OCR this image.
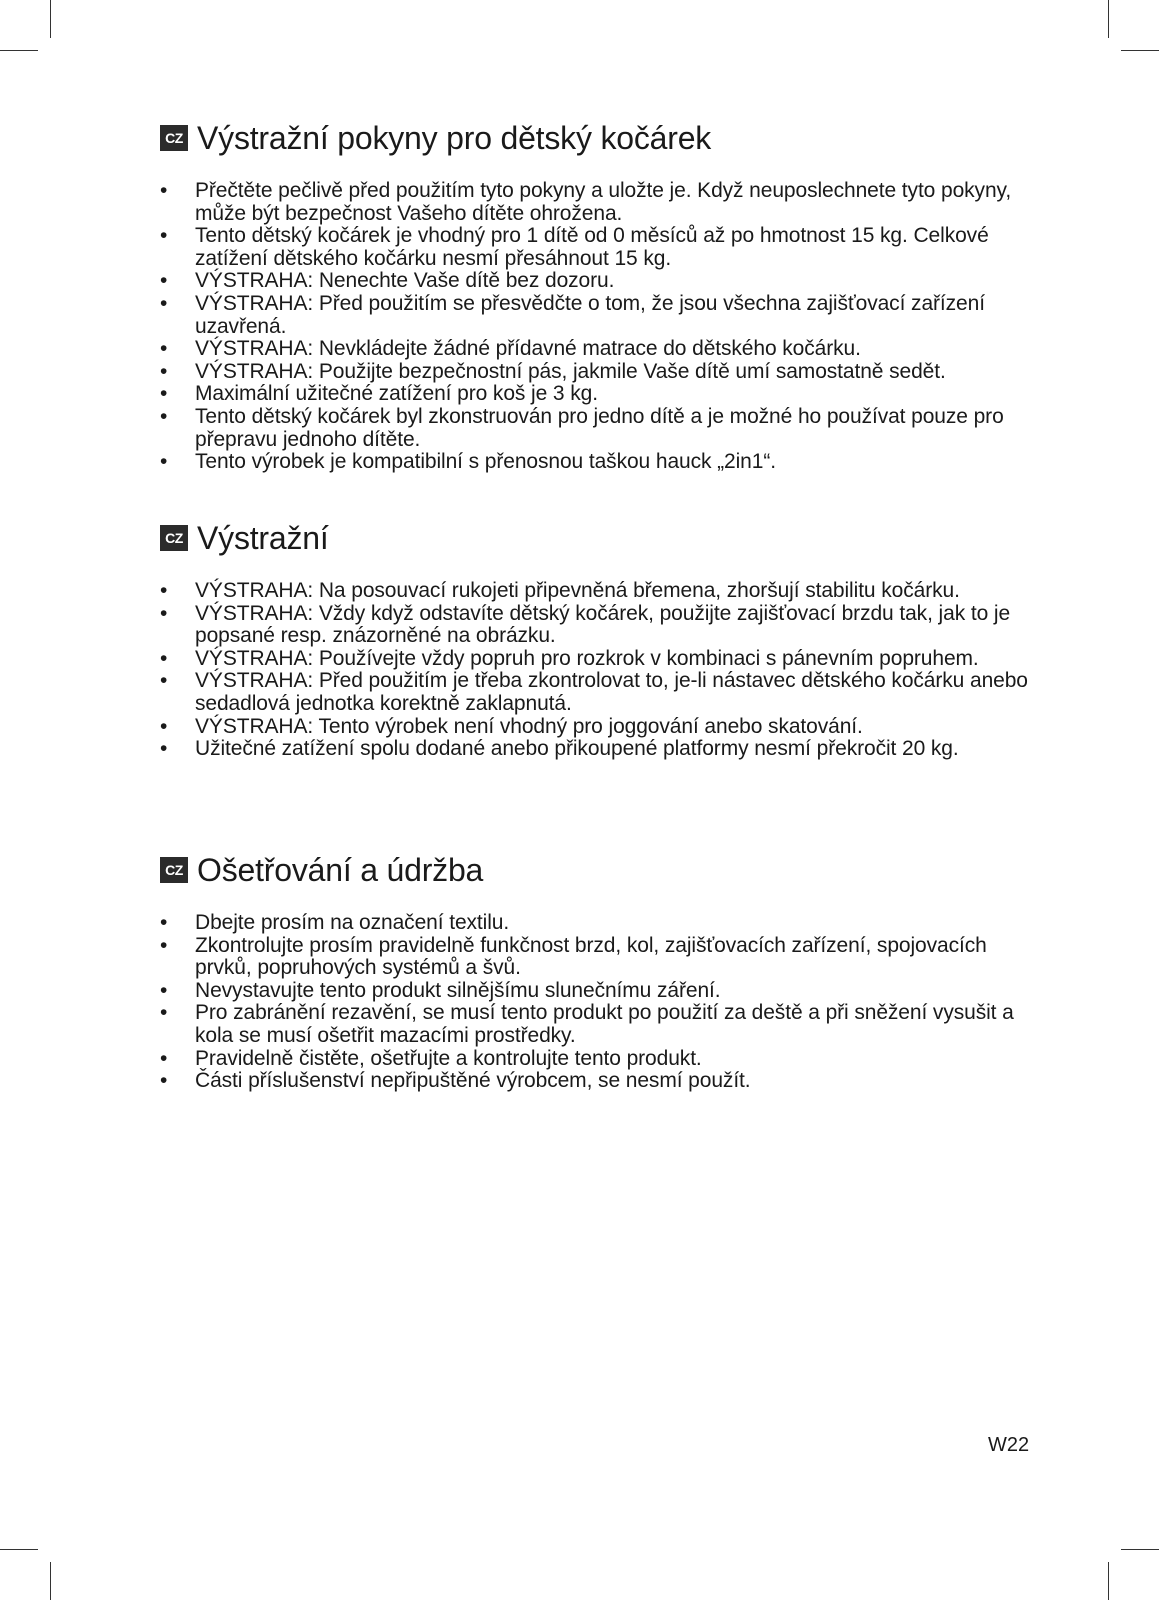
CZ Výstražní pokyny pro dětský kočárek
• Přečtěte pečlivě před použitím tyto pokyny a uložte je. Když neuposlechnete tyto pokyny, může být bezpečnost Vašeho dítěte ohrožena.
• Tento dětský kočárek je vhodný pro 1 dítě od 0 měsíců až po hmotnost 15 kg. Celkové zatížení dětského kočárku nesmí přesáhnout 15 kg.
• VÝSTRAHA: Nenechte Vaše dítě bez dozoru.
• VÝSTRAHA: Před použitím se přesvědčte o tom, že jsou všechna zajišťovací zařízení uzavřená.
• VÝSTRAHA: Nevkládejte žádné přídavné matrace do dětského kočárku.
• VÝSTRAHA: Použijte bezpečnostní pás, jakmile Vaše dítě umí samostatně sedět.
• Maximální užitečné zatížení pro koš je 3 kg.
• Tento dětský kočárek byl zkonstruován pro jedno dítě a je možné ho používat pouze pro přepravu jednoho dítěte.
• Tento výrobek je kompatibilní s přenosnou taškou hauck „2in1“.
CZ Výstražní
• VÝSTRAHA: Na posouvací rukojeti připevněná břemena, zhoršují stabilitu kočárku.
• VÝSTRAHA: Vždy když odstavíte dětský kočárek, použijte zajišťovací brzdu tak, jak to je popsané resp. znázorněné na obrázku.
• VÝSTRAHA: Používejte vždy popruh pro rozkrok v kombinaci s pánevním popruhem.
• VÝSTRAHA: Před použitím je třeba zkontrolovat to, je-li nástavec dětského kočárku anebo sedadlová jednotka korektně zaklapnutá.
• VÝSTRAHA: Tento výrobek není vhodný pro joggování anebo skatování.
• Užitečné zatížení spolu dodané anebo přikoupené platformy nesmí překročit 20 kg.
CZ Ošetřování a údržba
• Dbejte prosím na označení textilu.
• Zkontrolujte prosím pravidelně funkčnost brzd, kol, zajišťovacích zařízení, spojovacích prvků, popruhových systémů a švů.
• Nevystavujte tento produkt silnějšímu slunečnímu záření.
• Pro zabránění rezavění, se musí tento produkt po použití za deště a při sněžení vysušit a kola se musí ošetřit mazacími prostředky.
• Pravidelně čistěte, ošetřujte a kontrolujte tento produkt.
• Části příslušenství nepřipuštěné výrobcem, se nesmí použít.
W22
